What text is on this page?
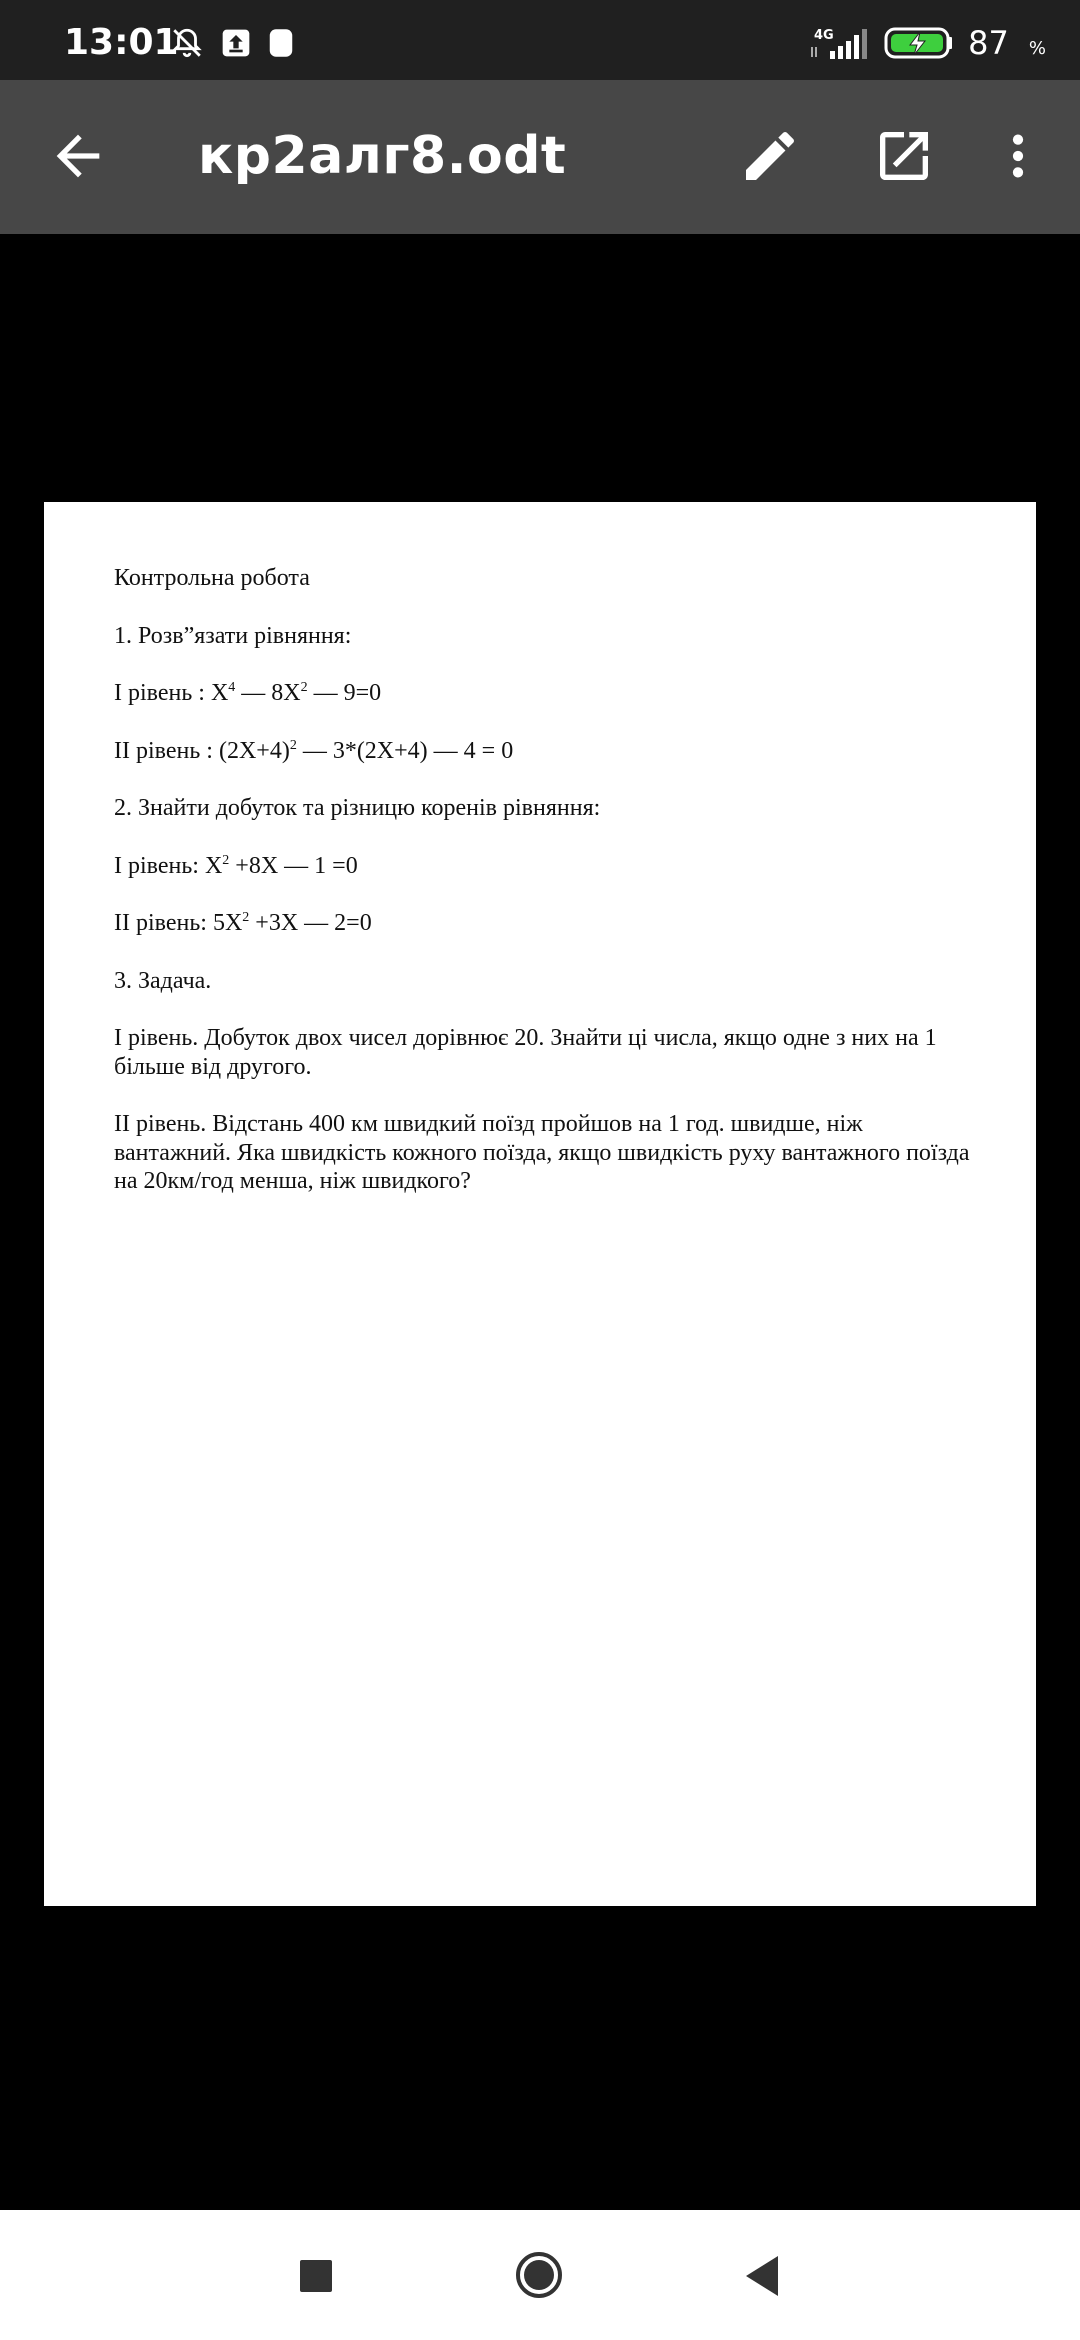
13:01	4G	87 %
кр2алг8.odt

Контрольна робота

1. Розв”язати рівняння:

І рівень : $X^4$ — $8X^2$ — 9=0

ІІ рівень : $(2X+4)^2$ — 3*(2X+4) — 4 = 0

2. Знайти добуток та різницю коренів рівняння:

І рівень: $X^2 +8X$ — 1 =0

ІІ рівень: $5X^2 +3X$ — 2=0

3. Задача.

І рівень. Добуток двох чисел дорівнює 20. Знайти ці числа, якщо одне з них на 1 більше від другого.

ІІ рівень. Відстань 400 км швидкий поїзд пройшов на 1 год. швидше, ніж вантажний. Яка швидкість кожного поїзда, якщо швидкість руху вантажного поїзда на 20км/год менша, ніж швидкого?
